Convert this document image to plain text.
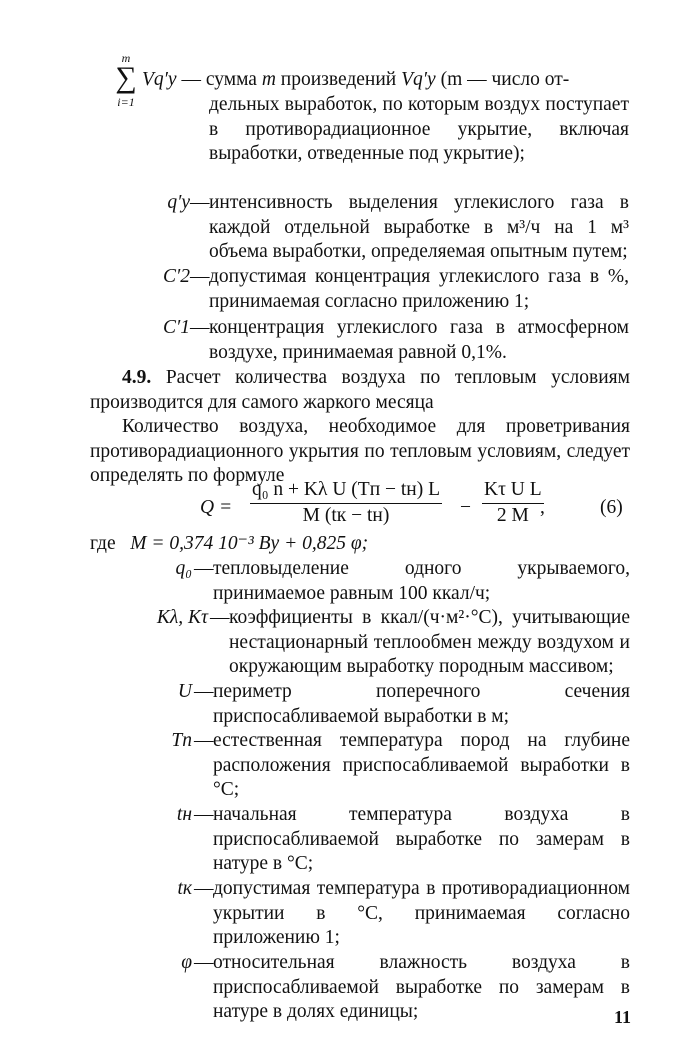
m
∑
i=1
Vq′у — сумма m произведений Vq′у (m — число от-
дельных выработок, по которым воздух поступает в противорадиационное укрытие, включая выработки, отведенные под укрытие);
q′у — интенсивность выделения углекислого газа в каждой отдельной выработке в м³/ч на 1 м³ объема выработки, определяемая опытным путем;
C′2 — допустимая концентрация углекислого газа в %, принимаемая согласно приложению 1;
C′1 — концентрация углекислого газа в атмосферном воздухе, принимаемая равной 0,1%.
4.9. Расчет количества воздуха по тепловым условиям производится для самого жаркого месяца
Количество воздуха, необходимое для проветривания противорадиационного укрытия по тепловым условиям, следует определять по формуле
Q =
q₀ n + Kλ U (Tп − tн) L
M (tк − tн)	− $\frac{\text{Kτ U L}}{2 M}$
,	(6)
где M = 0,374 10⁻³ Bу + 0,825 φ;
q₀ — тепловыделение одного укрываемого, принимаемое равным 100 ккал/ч;
Kλ, Kτ — коэффициенты в ккал/(ч·м²·°С), учитывающие нестационарный теплообмен между воздухом и окружающим выработку породным массивом;
U — периметр поперечного сечения приспосабливаемой выработки в м;
Tп — естественная температура пород на глубине расположения приспосабливаемой выработки в °С;
tн — начальная температура воздуха в приспосабливаемой выработке по замерам в натуре в °С;
tк — допустимая температура в противорадиационном укрытии в °С, принимаемая согласно приложению 1;
φ — относительная влажность воздуха в приспосабливаемой выработке по замерам в натуре в долях единицы;	11
